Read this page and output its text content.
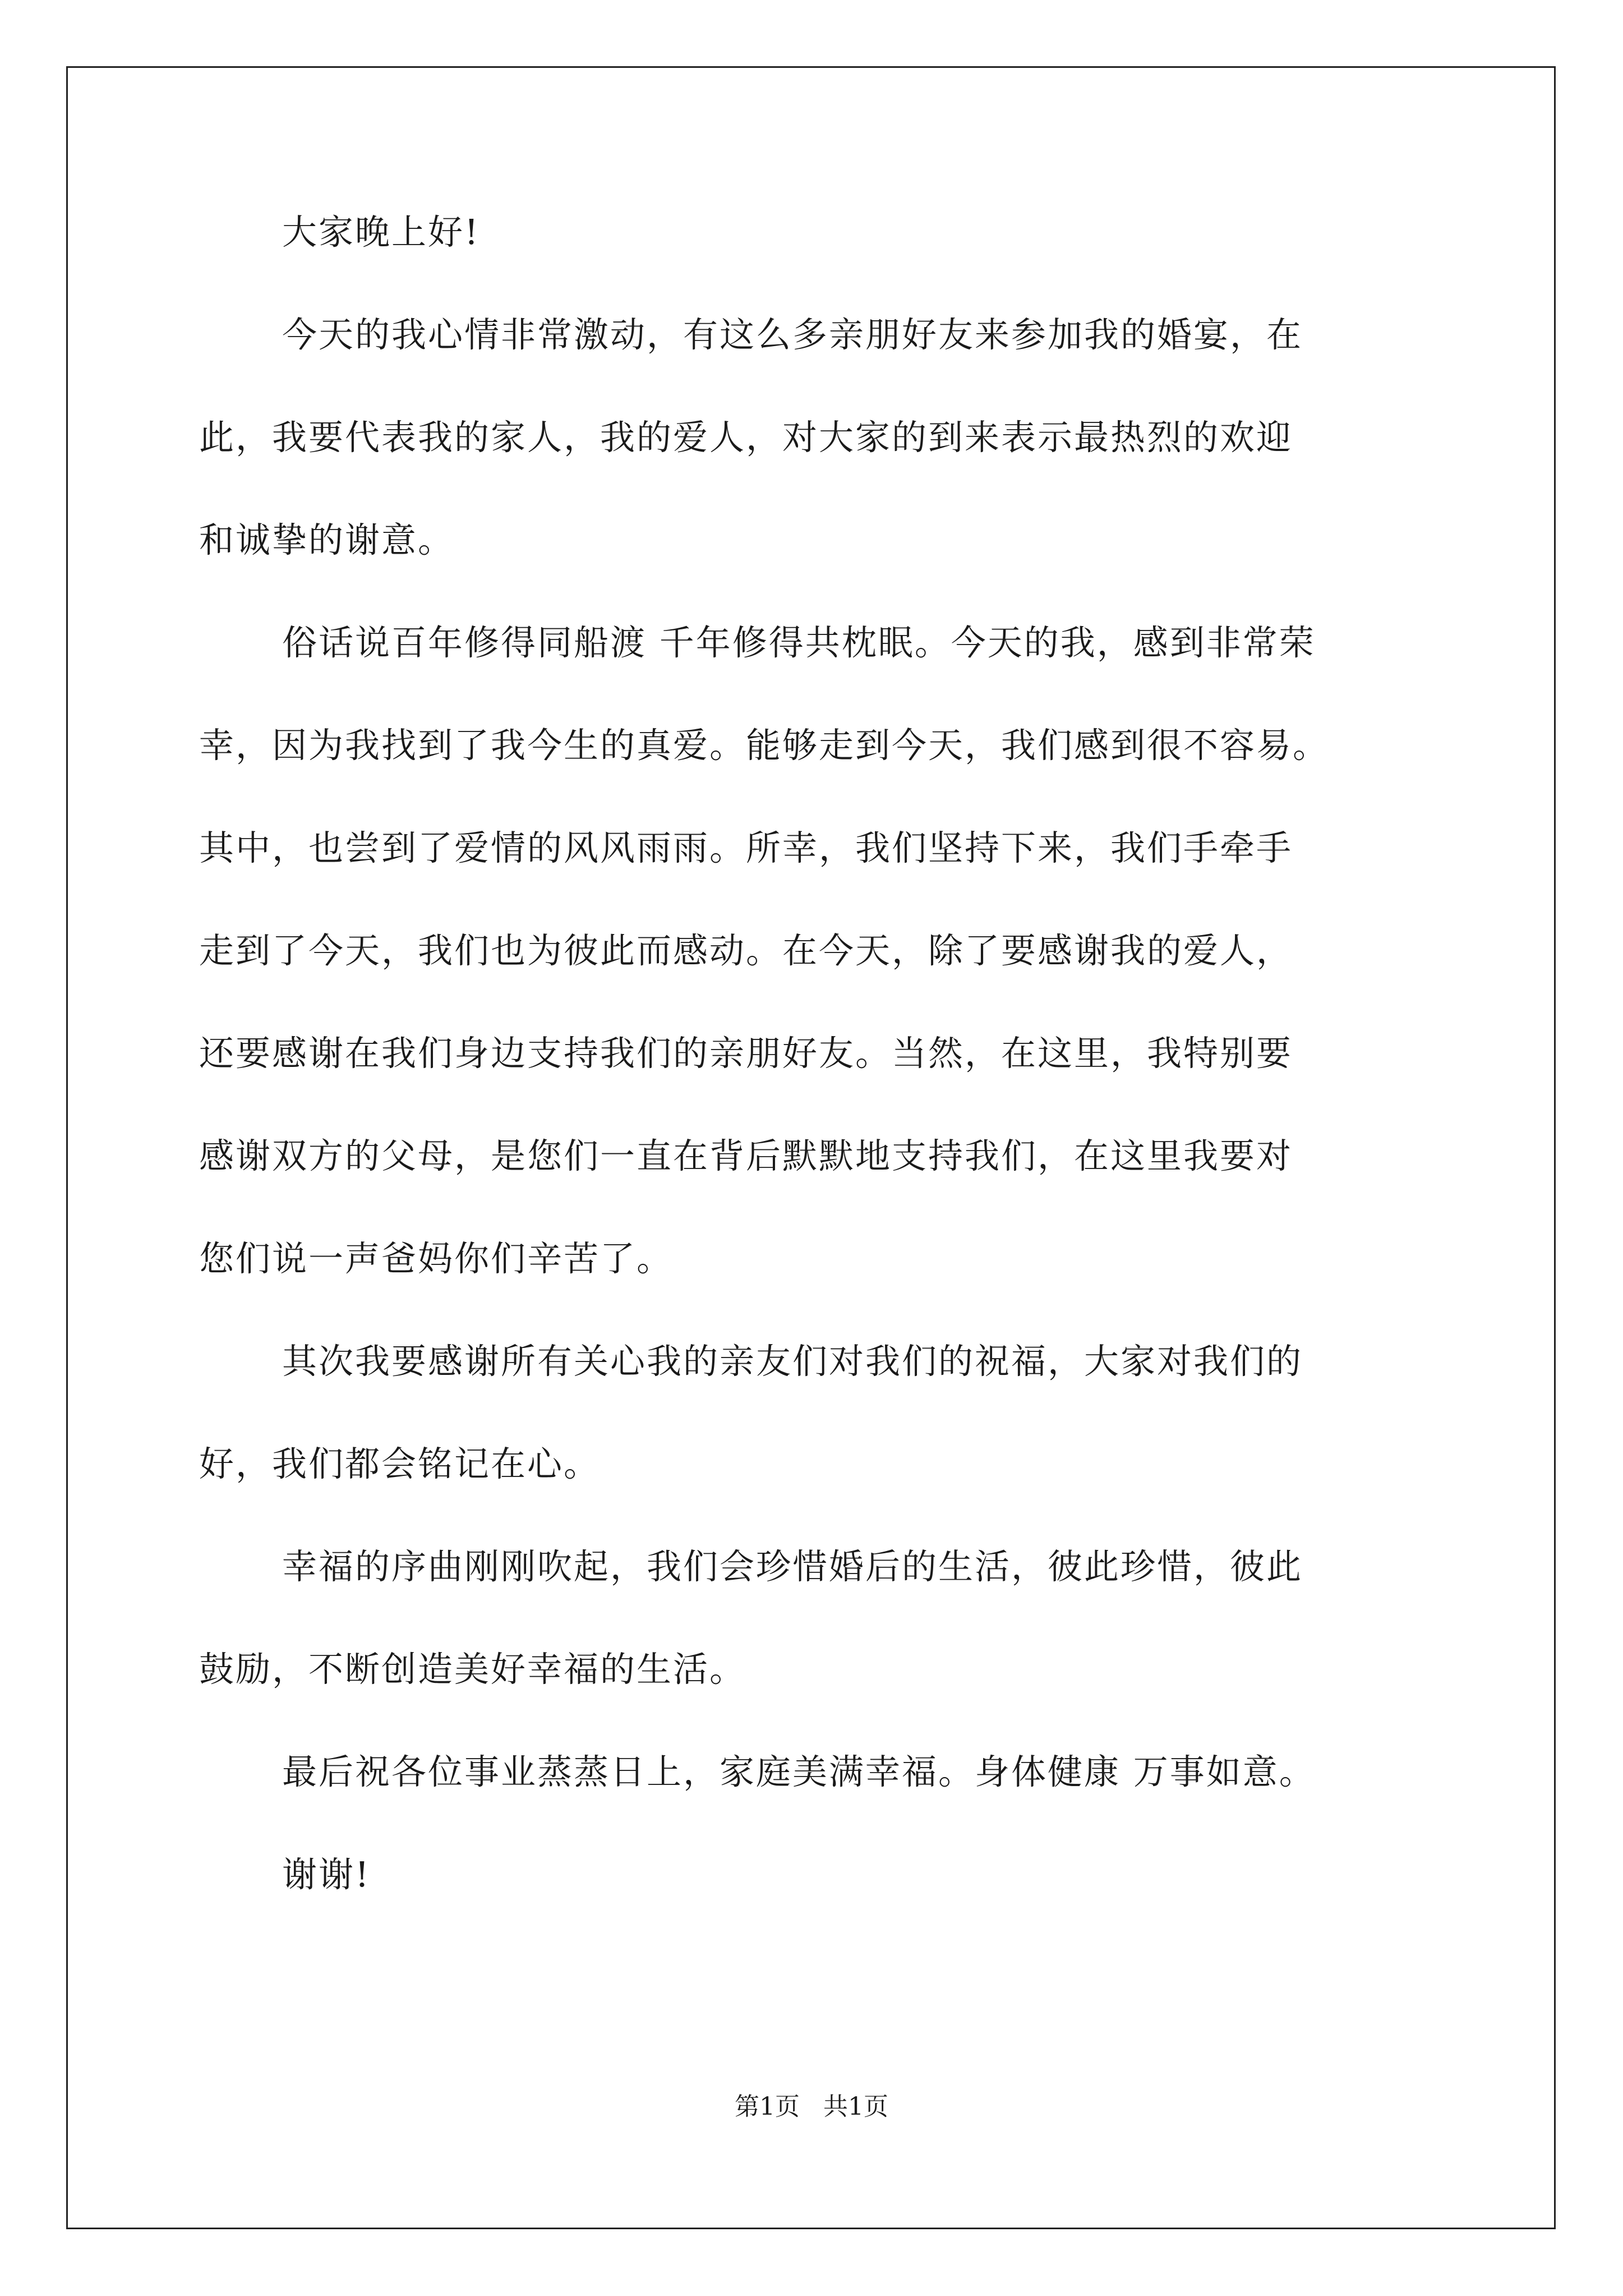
大家晚上好!
今天的我心情非常激动，有这么多亲朋好友来参加我的婚宴，在
此，我要代表我的家人，我的爱人，对大家的到来表示最热烈的欢迎
和诚挚的谢意。
俗话说百年修得同船渡 千年修得共枕眠。今天的我，感到非常荣
幸，因为我找到了我今生的真爱。能够走到今天，我们感到很不容易。
其中，也尝到了爱情的风风雨雨。所幸，我们坚持下来，我们手牵手
走到了今天，我们也为彼此而感动。在今天，除了要感谢我的爱人，
还要感谢在我们身边支持我们的亲朋好友。当然，在这里，我特别要
感谢双方的父母，是您们一直在背后默默地支持我们，在这里我要对
您们说一声爸妈你们辛苦了。
其次我要感谢所有关心我的亲友们对我们的祝福，大家对我们的
好，我们都会铭记在心。
幸福的序曲刚刚吹起，我们会珍惜婚后的生活，彼此珍惜，彼此
鼓励，不断创造美好幸福的生活。
最后祝各位事业蒸蒸日上，家庭美满幸福。身体健康 万事如意。
谢谢!
第1页   共1页
